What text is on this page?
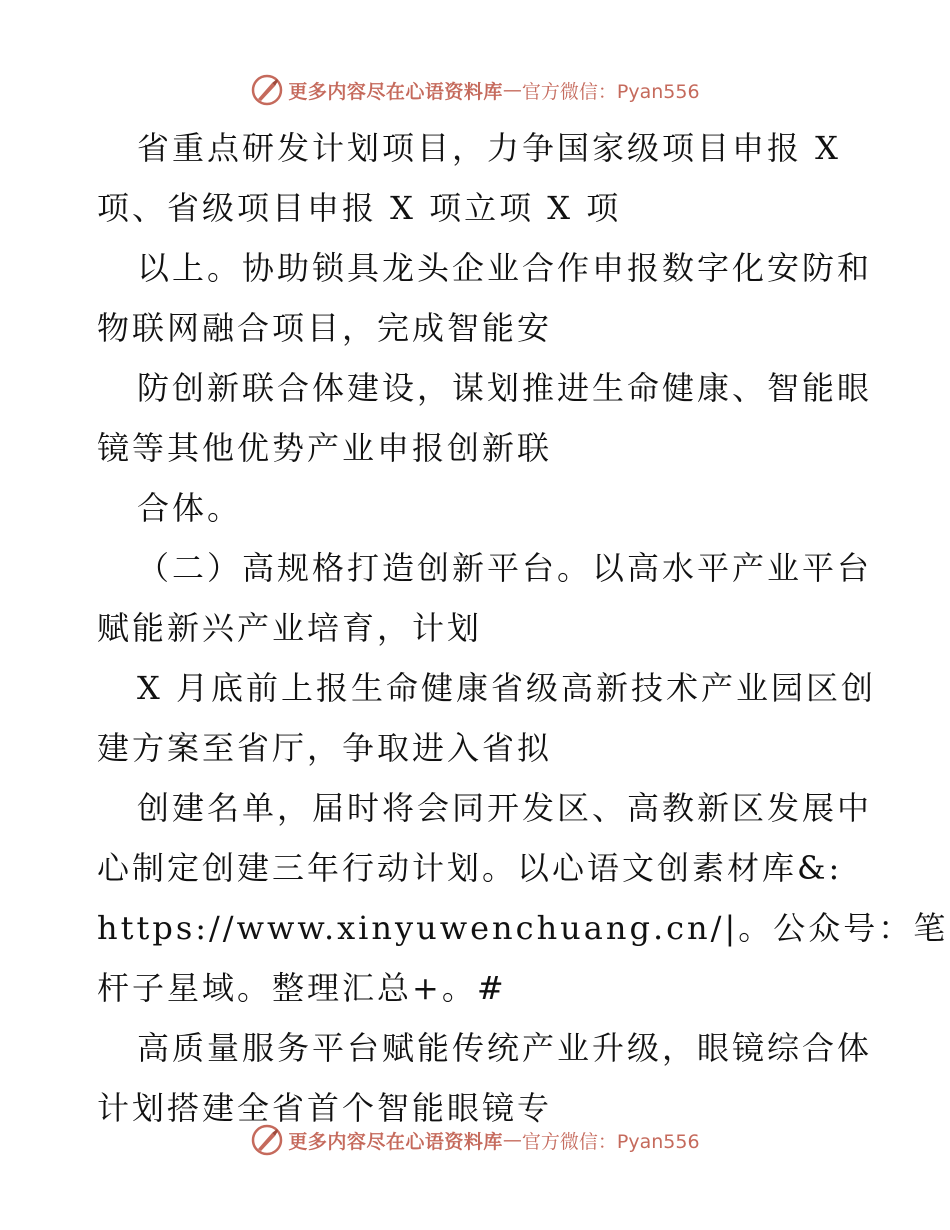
更多内容尽在心语资料库 — 官方微信：Pyan556
省重点研发计划项目，力争国家级项目申报 X
项、省级项目申报 X 项立项 X 项
以上。协助锁具龙头企业合作申报数字化安防和
物联网融合项目，完成智能安
防创新联合体建设，谋划推进生命健康、智能眼
镜等其他优势产业申报创新联
合体。
（二）高规格打造创新平台。以高水平产业平台
赋能新兴产业培育，计划
X 月底前上报生命健康省级高新技术产业园区创
建方案至省厅，争取进入省拟
创建名单，届时将会同开发区、高教新区发展中
心制定创建三年行动计划。以心语文创素材库&:
https://www.xinyuwenchuang.cn/|。公众号：笔
杆子星域。整理汇总+。#
高质量服务平台赋能传统产业升级，眼镜综合体
计划搭建全省首个智能眼镜专
更多内容尽在心语资料库 — 官方微信：Pyan556
